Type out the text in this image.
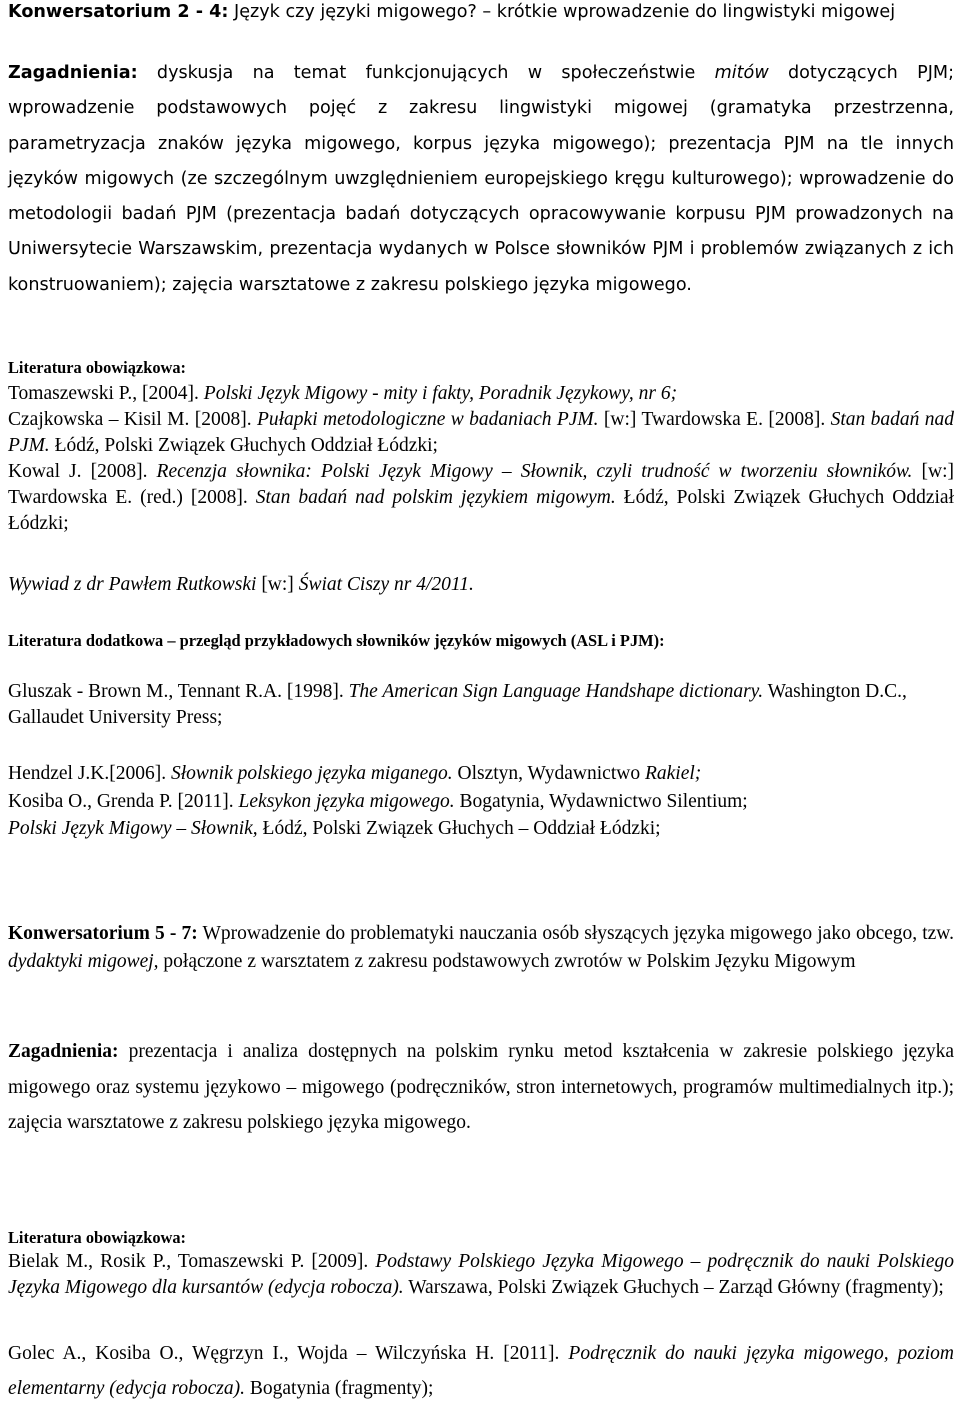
Konwersatorium 2 - 4: Język czy języki migowego? – krótkie wprowadzenie do lingwistyki migowej
Zagadnienia: dyskusja na temat funkcjonujących w społeczeństwie mitów dotyczących PJM; wprowadzenie podstawowych pojęć z zakresu lingwistyki migowej (gramatyka przestrzenna, parametryzacja znaków języka migowego, korpus języka migowego); prezentacja PJM na tle innych języków migowych (ze szczególnym uwzględnieniem europejskiego kręgu kulturowego); wprowadzenie do metodologii badań PJM (prezentacja badań dotyczących opracowywanie korpusu PJM prowadzonych na Uniwersytecie Warszawskim, prezentacja wydanych w Polsce słowników PJM i problemów związanych z ich konstruowaniem); zajęcia warsztatowe z zakresu polskiego języka migowego.
Literatura obowiązkowa:

Tomaszewski P., [2004]. Polski Język Migowy - mity i fakty, Poradnik Językowy, nr 6;

Czajkowska – Kisil M. [2008]. Pułapki metodologiczne w badaniach PJM. [w:] Twardowska E. [2008]. Stan badań nad PJM. Łódź, Polski Związek Głuchych Oddział Łódzki;

Kowal J. [2008]. Recenzja słownika: Polski Język Migowy – Słownik, czyli trudność w tworzeniu słowników. [w:] Twardowska E. (red.) [2008]. Stan badań nad polskim językiem migowym. Łódź, Polski Związek Głuchych Oddział Łódzki;

Wywiad z dr Pawłem Rutkowski [w:] Świat Ciszy nr 4/2011.
Literatura dodatkowa – przegląd przykładowych słowników języków migowych (ASL i PJM):
Gluszak - Brown M., Tennant R.A. [1998]. The American Sign Language Handshape dictionary. Washington D.C., Gallaudet University Press;

Hendzel J.K.[2006]. Słownik polskiego języka miganego. Olsztyn, Wydawnictwo Rakiel;

Kosiba O., Grenda P. [2011]. Leksykon języka migowego. Bogatynia, Wydawnictwo Silentium;

Polski Język Migowy – Słownik, Łódź, Polski Związek Głuchych – Oddział Łódzki;

Konwersatorium 5 - 7: Wprowadzenie do problematyki nauczania osób słyszących języka migowego jako obcego, tzw. dydaktyki migowej, połączone z warsztatem z zakresu podstawowych zwrotów w Polskim Języku Migowym
Zagadnienia: prezentacja i analiza dostępnych na polskim rynku metod kształcenia w zakresie polskiego języka migowego oraz systemu językowo – migowego (podręczników, stron internetowych, programów multimedialnych itp.); zajęcia warsztatowe z zakresu polskiego języka migowego.
Literatura obowiązkowa:
Bielak M., Rosik P., Tomaszewski P. [2009]. Podstawy Polskiego Języka Migowego – podręcznik do nauki Polskiego Języka Migowego dla kursantów (edycja robocza). Warszawa, Polski Związek Głuchych – Zarząd Główny (fragmenty);
Golec A., Kosiba O., Węgrzyn I., Wojda – Wilczyńska H. [2011]. Podręcznik do nauki języka migowego, poziom elementarny (edycja robocza). Bogatynia (fragmenty);
